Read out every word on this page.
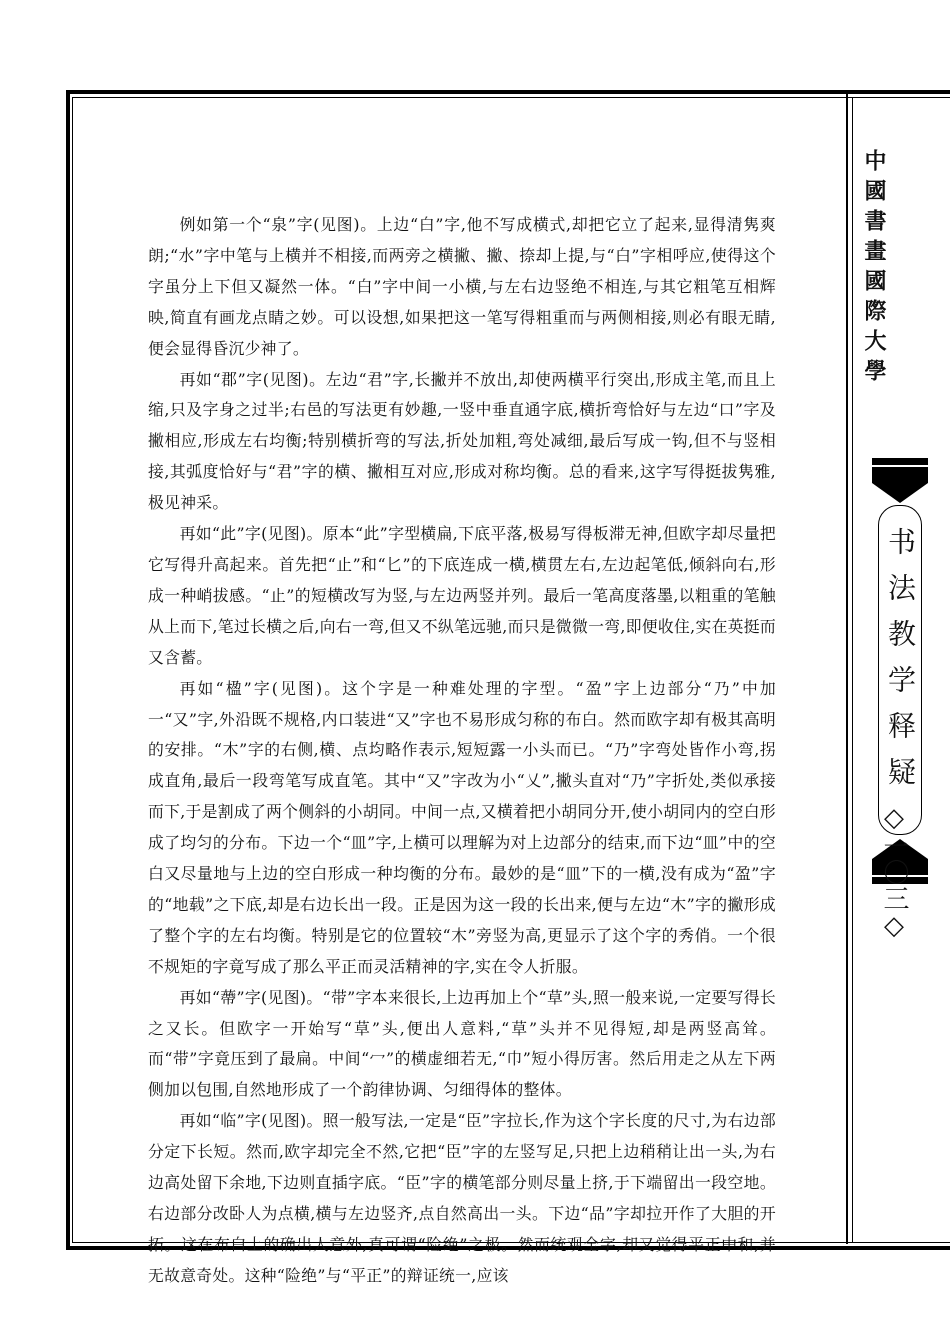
中國書畫國際大學
书法教学释疑
◇一〇三◇

例如第一个“泉”字(见图)。上边“白”字,他不写成横式,却把它立了起来,显得清隽爽朗;“水”字中笔与上横并不相接,而两旁之横撇、撇、捺却上提,与“白”字相呼应,使得这个字虽分上下但又凝然一体。“白”字中间一小横,与左右边竖绝不相连,与其它粗笔互相辉映,简直有画龙点睛之妙。可以设想,如果把这一笔写得粗重而与两侧相接,则必有眼无睛,便会显得昏沉少神了。

再如“郡”字(见图)。左边“君”字,长撇并不放出,却使两横平行突出,形成主笔,而且上缩,只及字身之过半;右邑的写法更有妙趣,一竖中垂直通字底,横折弯恰好与左边“口”字及撇相应,形成左右均衡;特别横折弯的写法,折处加粗,弯处减细,最后写成一钩,但不与竖相接,其弧度恰好与“君”字的横、撇相互对应,形成对称均衡。总的看来,这字写得挺拔隽雅,极见神采。

再如“此”字(见图)。原本“此”字型横扁,下底平落,极易写得板滞无神,但欧字却尽量把它写得升高起来。首先把“止”和“匕”的下底连成一横,横贯左右,左边起笔低,倾斜向右,形成一种峭拔感。“止”的短横改写为竖,与左边两竖并列。最后一笔高度落墨,以粗重的笔触从上而下,笔过长横之后,向右一弯,但又不纵笔远驰,而只是微微一弯,即便收住,实在英挺而又含蓄。

再如“楹”字(见图)。这个字是一种难处理的字型。“盈”字上边部分“乃”中加一“又”字,外沿既不规格,内口装进“又”字也不易形成匀称的布白。然而欧字却有极其高明的安排。“木”字的右侧,横、点均略作表示,短短露一小头而已。“乃”字弯处皆作小弯,拐成直角,最后一段弯笔写成直笔。其中“又”字改为小“乂”,撇头直对“乃”字折处,类似承接而下,于是割成了两个侧斜的小胡同。中间一点,又横着把小胡同分开,使小胡同内的空白形成了均匀的分布。下边一个“皿”字,上横可以理解为对上边部分的结束,而下边“皿”中的空白又尽量地与上边的空白形成一种均衡的分布。最妙的是“皿”下的一横,没有成为“盈”字的“地载”之下底,却是右边长出一段。正是因为这一段的长出来,便与左边“木”字的撇形成了整个字的左右均衡。特别是它的位置较“木”旁竖为高,更显示了这个字的秀俏。一个很不规矩的字竟写成了那么平正而灵活精神的字,实在令人折服。

再如“蔕”字(见图)。“带”字本来很长,上边再加上个“草”头,照一般来说,一定要写得长之又长。但欧字一开始写“草”头,便出人意料,“草”头并不见得短,却是两竖高耸。而“带”字竟压到了最扁。中间“冖”的横虚细若无,“巾”短小得厉害。然后用走之从左下两侧加以包围,自然地形成了一个韵律协调、匀细得体的整体。

再如“临”字(见图)。照一般写法,一定是“臣”字拉长,作为这个字长度的尺寸,为右边部分定下长短。然而,欧字却完全不然,它把“臣”字的左竖写足,只把上边稍稍让出一头,为右边高处留下余地,下边则直插字底。“臣”字的横笔部分则尽量上挤,于下端留出一段空地。右边部分改卧人为点横,横与左边竖齐,点自然高出一头。下边“品”字却拉开作了大胆的开拓。这在布白上的确出人意外,真可谓“险绝”之极。然而统观全字,却又觉得平正中和,并无故意奇处。这种“险绝”与“平正”的辩证统一,应该
